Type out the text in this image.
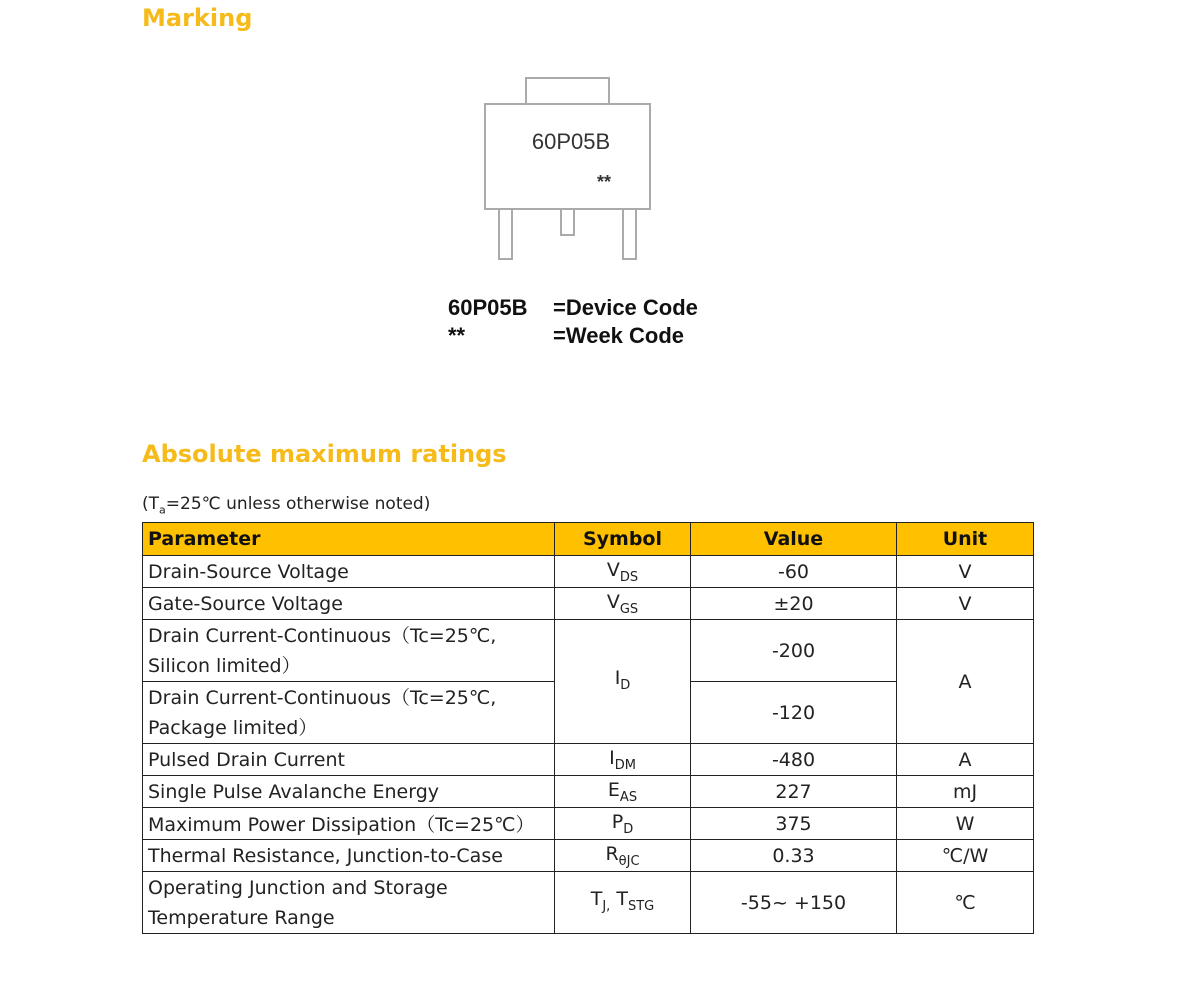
Marking
60P05B
**
60P05B	=Device Code
**	=Week Code
Absolute maximum ratings
($T_a=25℃$ unless otherwise noted)
Parameter	Symbol	Value	Unit
Drain-Source Voltage	$V_{DS}$	-60	V
Gate-Source Voltage	$V_{GS}$	±20	V
Drain Current-Continuous（Tc=25℃, Silicon limited）	$I_D$	-200	A
Drain Current-Continuous（Tc=25℃, Package limited）		-120	
Pulsed Drain Current	$I_{DM}$	-480	A
Single Pulse Avalanche Energy	$E_{AS}$	227	mJ
Maximum Power Dissipation（Tc=25℃）	$P_D$	375	W
Thermal Resistance, Junction-to-Case	$R_{\theta JC}$	0.33	℃/W
Operating Junction and Storage Temperature Range	$T_{J,}$ $T_{STG}$	-55~ +150	℃
